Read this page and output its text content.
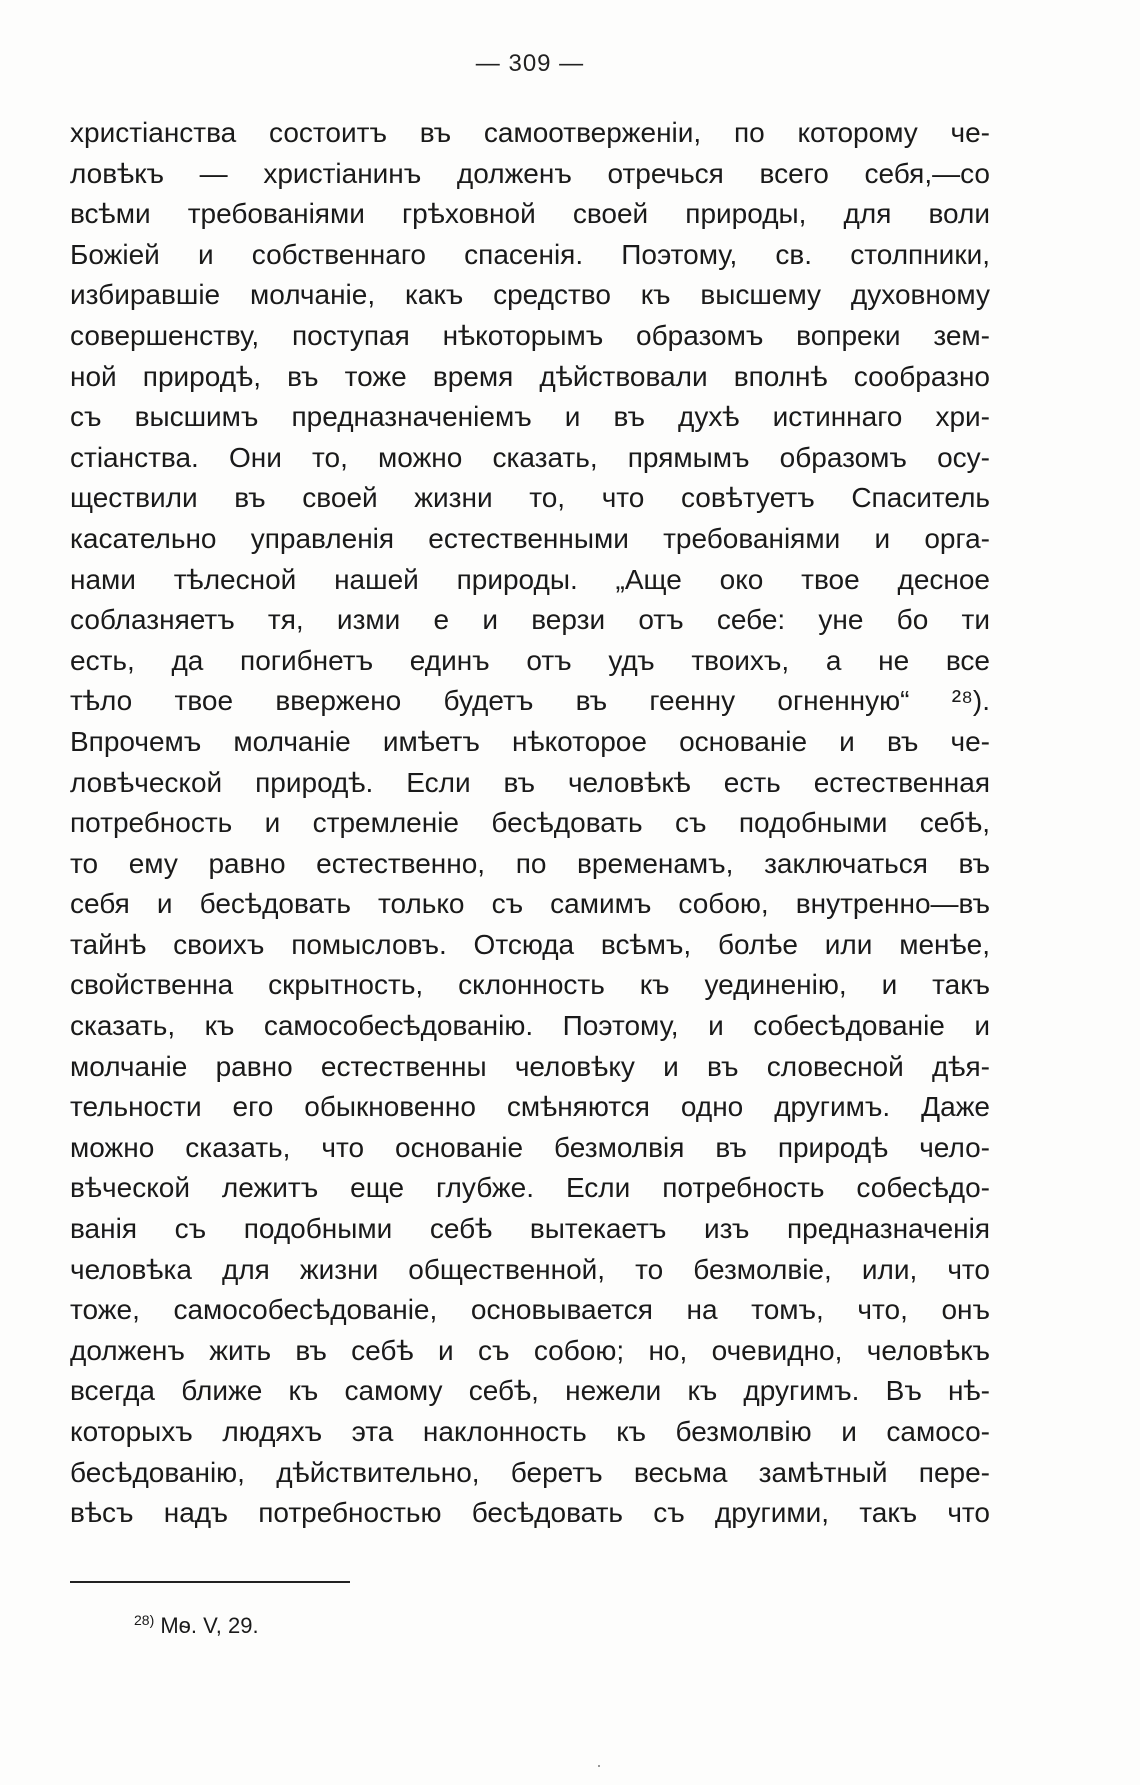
— 309 —
христіанства состоитъ въ самоотверженіи, по которому че-
ловѣкъ — христіанинъ долженъ отречься всего себя,—со
всѣми требованіями грѣховной своей природы, для воли
Божіей и собственнаго спасенія. Поэтому, св. столпники,
избиравшіе молчаніе, какъ средство къ высшему духовному
совершенству, поступая нѣкоторымъ образомъ вопреки зем-
ной природѣ, въ тоже время дѣйствовали вполнѣ сообразно
съ высшимъ предназначеніемъ и въ духѣ истиннаго хри-
стіанства. Они то, можно сказать, прямымъ образомъ осу-
ществили въ своей жизни то, что совѣтуетъ Спаситель
касательно управленія естественными требованіями и орга-
нами тѣлесной нашей природы. „Аще око твое десное
соблазняетъ тя, изми е и верзи отъ себе: уне бо ти
есть, да погибнетъ единъ отъ удъ твоихъ, а не все
тѣло твое ввержено будетъ въ геенну огненную“ ²⁸).
Впрочемъ молчаніе имѣетъ нѣкоторое основаніе и въ че-
ловѣческой природѣ. Если въ человѣкѣ есть естественная
потребность и стремленіе бесѣдовать съ подобными себѣ,
то ему равно естественно, по временамъ, заключаться въ
себя и бесѣдовать только съ самимъ собою, внутренно—въ
тайнѣ своихъ помысловъ. Отсюда всѣмъ, болѣе или менѣе,
свойственна скрытность, склонность къ уединенію, и такъ
сказать, къ самособесѣдованію. Поэтому, и собесѣдованіе и
молчаніе равно естественны человѣку и въ словесной дѣя-
тельности его обыкновенно смѣняются одно другимъ. Даже
можно сказать, что основаніе безмолвія въ природѣ чело-
вѣческой лежитъ еще глубже. Если потребность собесѣдо-
ванія съ подобными себѣ вытекаетъ изъ предназначенія
человѣка для жизни общественной, то безмолвіе, или, что
тоже, самособесѣдованіе, основывается на томъ, что, онъ
долженъ жить въ себѣ и съ собою; но, очевидно, человѣкъ
всегда ближе къ самому себѣ, нежели къ другимъ. Въ нѣ-
которыхъ людяхъ эта наклонность къ безмолвію и самосо-
бесѣдованію, дѣйствительно, беретъ весьма замѣтный пере-
вѣсъ надъ потребностью бесѣдовать съ другими, такъ что
$^{28)}$ Мѳ. V, 29.
